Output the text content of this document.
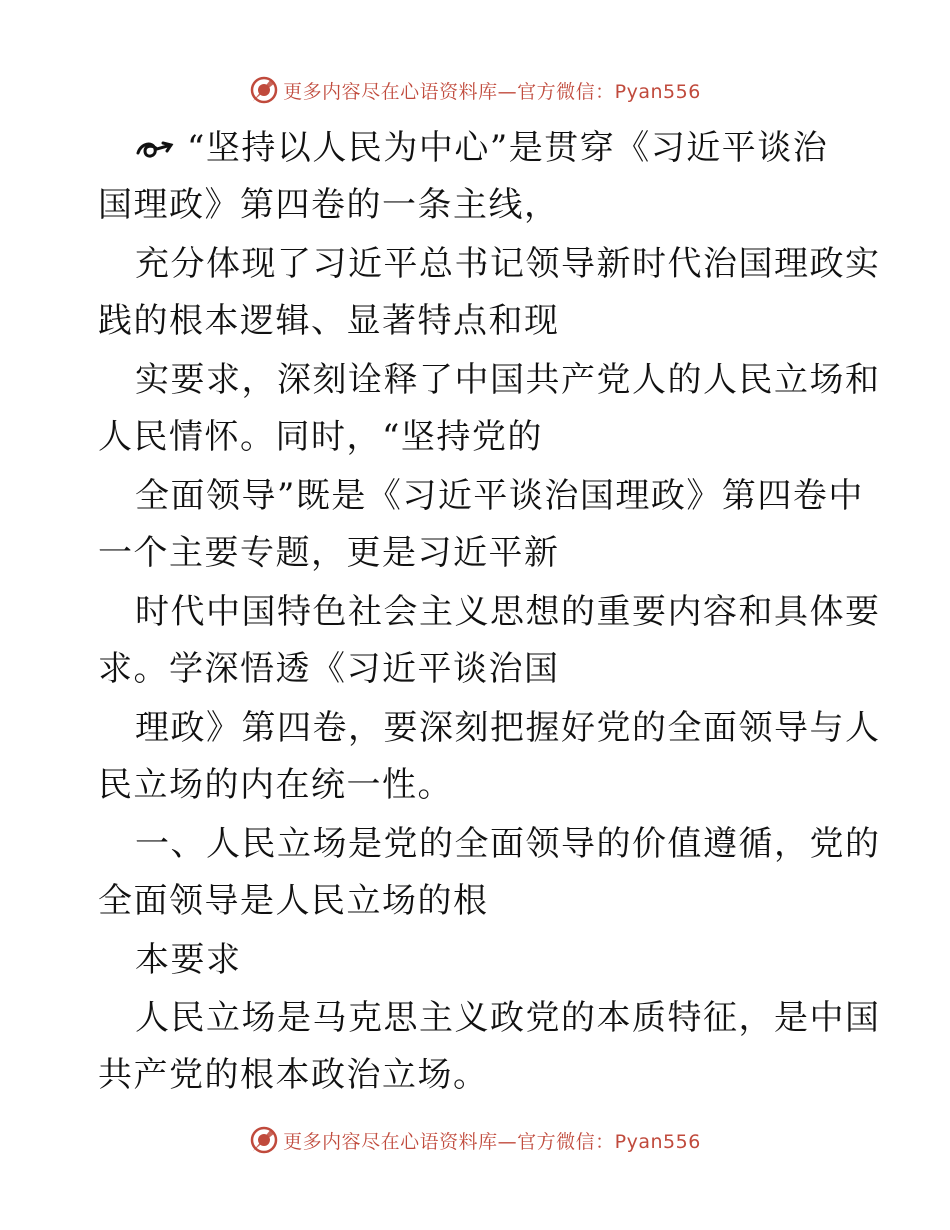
更多内容尽在心语资料库—官方微信：Pyan556
“坚持以人民为中心”是贯穿《习近平谈治
国理政》第四卷的一条主线，
充分体现了习近平总书记领导新时代治国理政实
践的根本逻辑、显著特点和现
实要求，深刻诠释了中国共产党人的人民立场和
人民情怀。同时，“坚持党的
全面领导”既是《习近平谈治国理政》第四卷中
一个主要专题，更是习近平新
时代中国特色社会主义思想的重要内容和具体要
求。学深悟透《习近平谈治国
理政》第四卷，要深刻把握好党的全面领导与人
民立场的内在统一性。
一、人民立场是党的全面领导的价值遵循，党的
全面领导是人民立场的根
本要求
人民立场是马克思主义政党的本质特征，是中国
共产党的根本政治立场。
更多内容尽在心语资料库—官方微信：Pyan556
